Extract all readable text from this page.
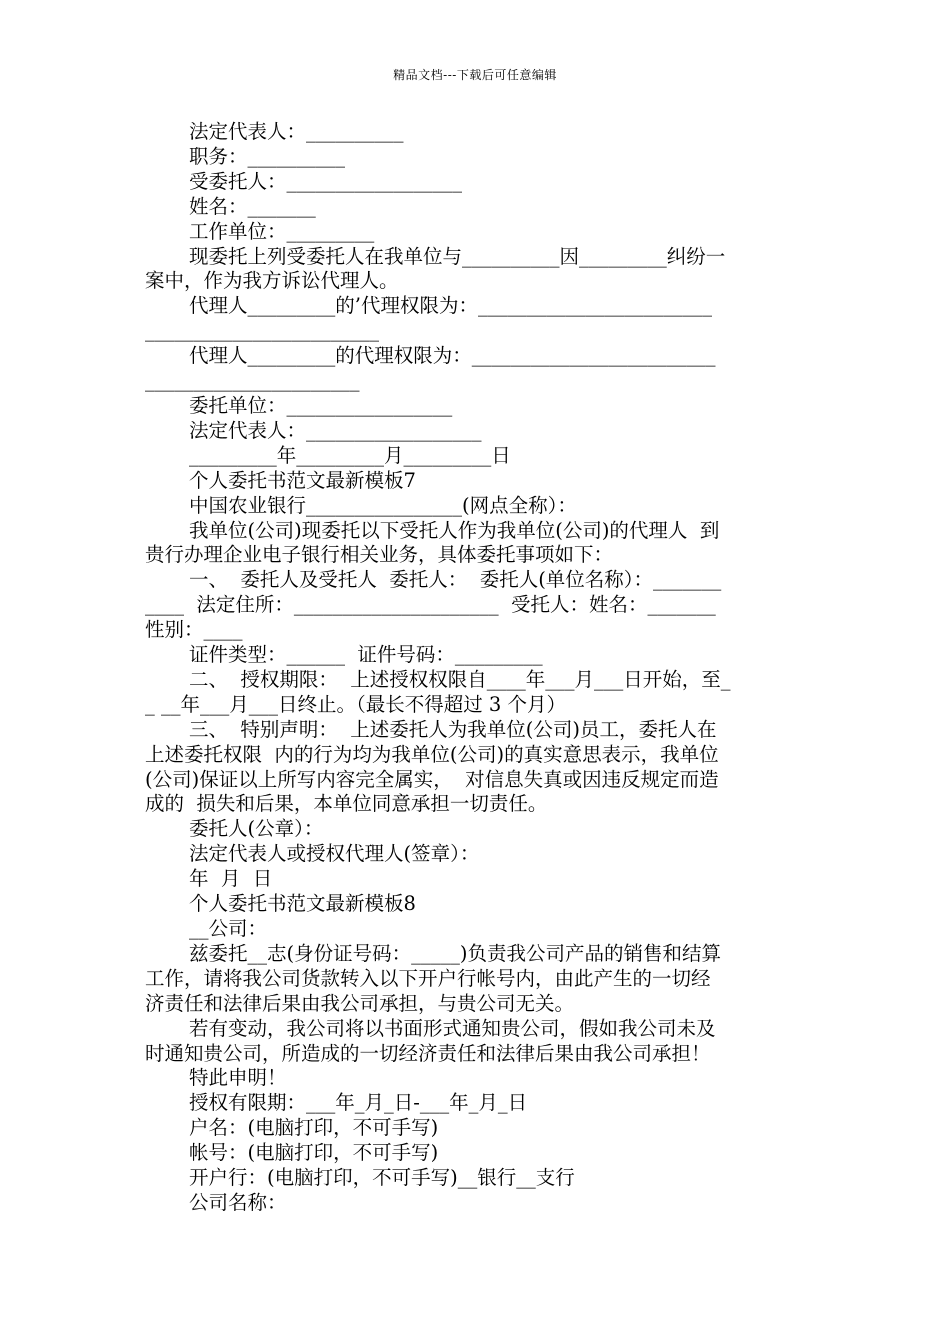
精品文档---下载后可任意编辑

法定代表人：__________

职务：__________

受委托人：__________________

姓名：_______

工作单位：_________

现委托上列受委托人在我单位与__________因_________纠纷一

案中，作为我方诉讼代理人。

代理人_________的’代理权限为：________________________

________________________

代理人_________的代理权限为：_________________________

______________________

委托单位：_________________

法定代表人：__________________

_________年_________月_________日

个人委托书范文最新模板7

中国农业银行________________(网点全称）：

我单位(公司)现委托以下受托人作为我单位(公司)的代理人  到

贵行办理企业电子银行相关业务，具体委托事项如下：

一、  委托人及受托人  委托人：  委托人(单位名称）：_______

____  法定住所：_____________________  受托人：姓名：_______

性别：____

证件类型：______  证件号码：_________

二、  授权期限：  上述授权权限自____年___月___日开始，至_

_ __年___月___日终止。（最长不得超过 3 个月）

三、  特别声明：  上述委托人为我单位(公司)员工，委托人在

上述委托权限  内的行为均为我单位(公司)的真实意思表示，我单位

(公司)保证以上所写内容完全属实，  对信息失真或因违反规定而造

成的  损失和后果，本单位同意承担一切责任。

委托人(公章）：

法定代表人或授权代理人(签章）：

年  月  日

个人委托书范文最新模板8

__公司：

兹委托__志(身份证号码：_____)负责我公司产品的销售和结算

工作，请将我公司货款转入以下开户行帐号内，由此产生的一切经

济责任和法律后果由我公司承担，与贵公司无关。

若有变动，我公司将以书面形式通知贵公司，假如我公司未及

时通知贵公司，所造成的一切经济责任和法律后果由我公司承担！

特此申明！

授权有限期：___年_月_日-___年_月_日

户名：(电脑打印，不可手写)

帐号：(电脑打印，不可手写)

开户行：(电脑打印，不可手写)__银行__支行

公司名称：
